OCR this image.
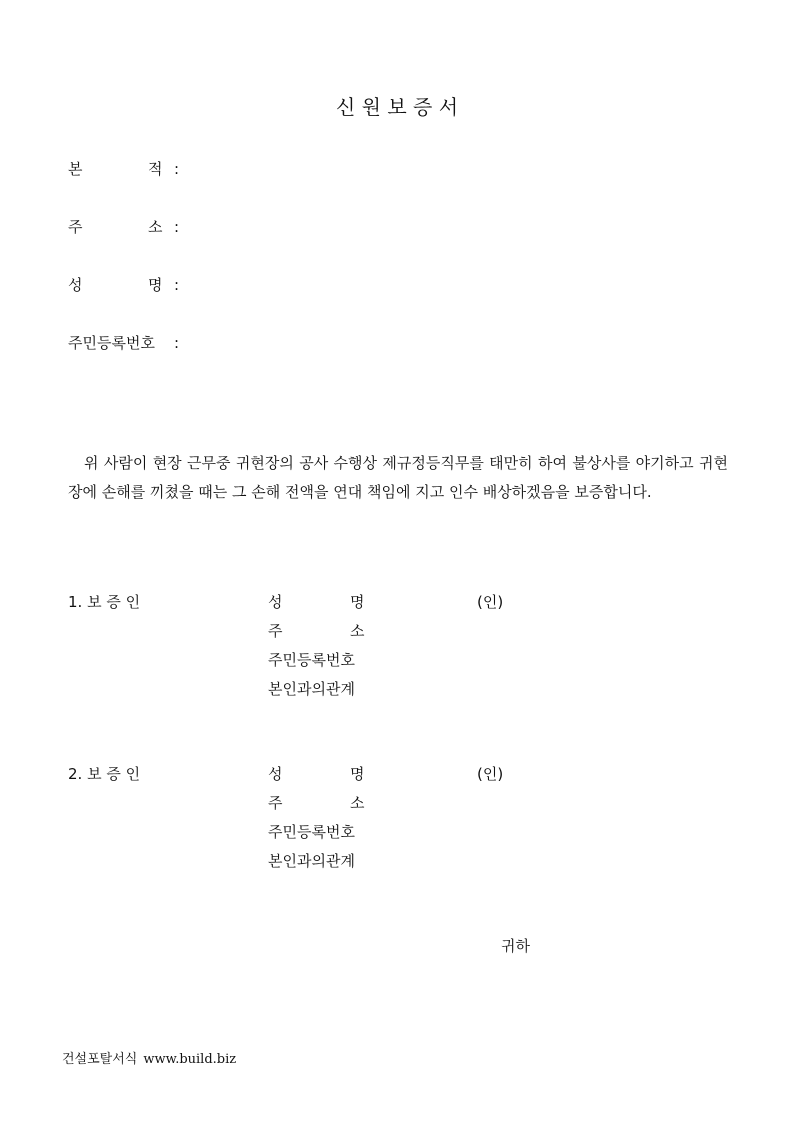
신 원 보 증 서
본	적 :
주	소 :
성	명 :
주민등록번호 :
위 사람이 현장 근무중 귀현장의 공사 수행상 제규정등직무를 태만히 하여 불상사를 야기하고 귀현장에 손해를 끼쳤을 때는 그 손해 전액을 연대 책임에 지고 인수 배상하겠음을 보증합니다.
1. 보 증 인	성	명	(인)
주	소
주민등록번호
본인과의관계
2. 보 증 인	성	명	(인)
주	소
주민등록번호
본인과의관계
귀하
건설포탈서식 www.build.biz
